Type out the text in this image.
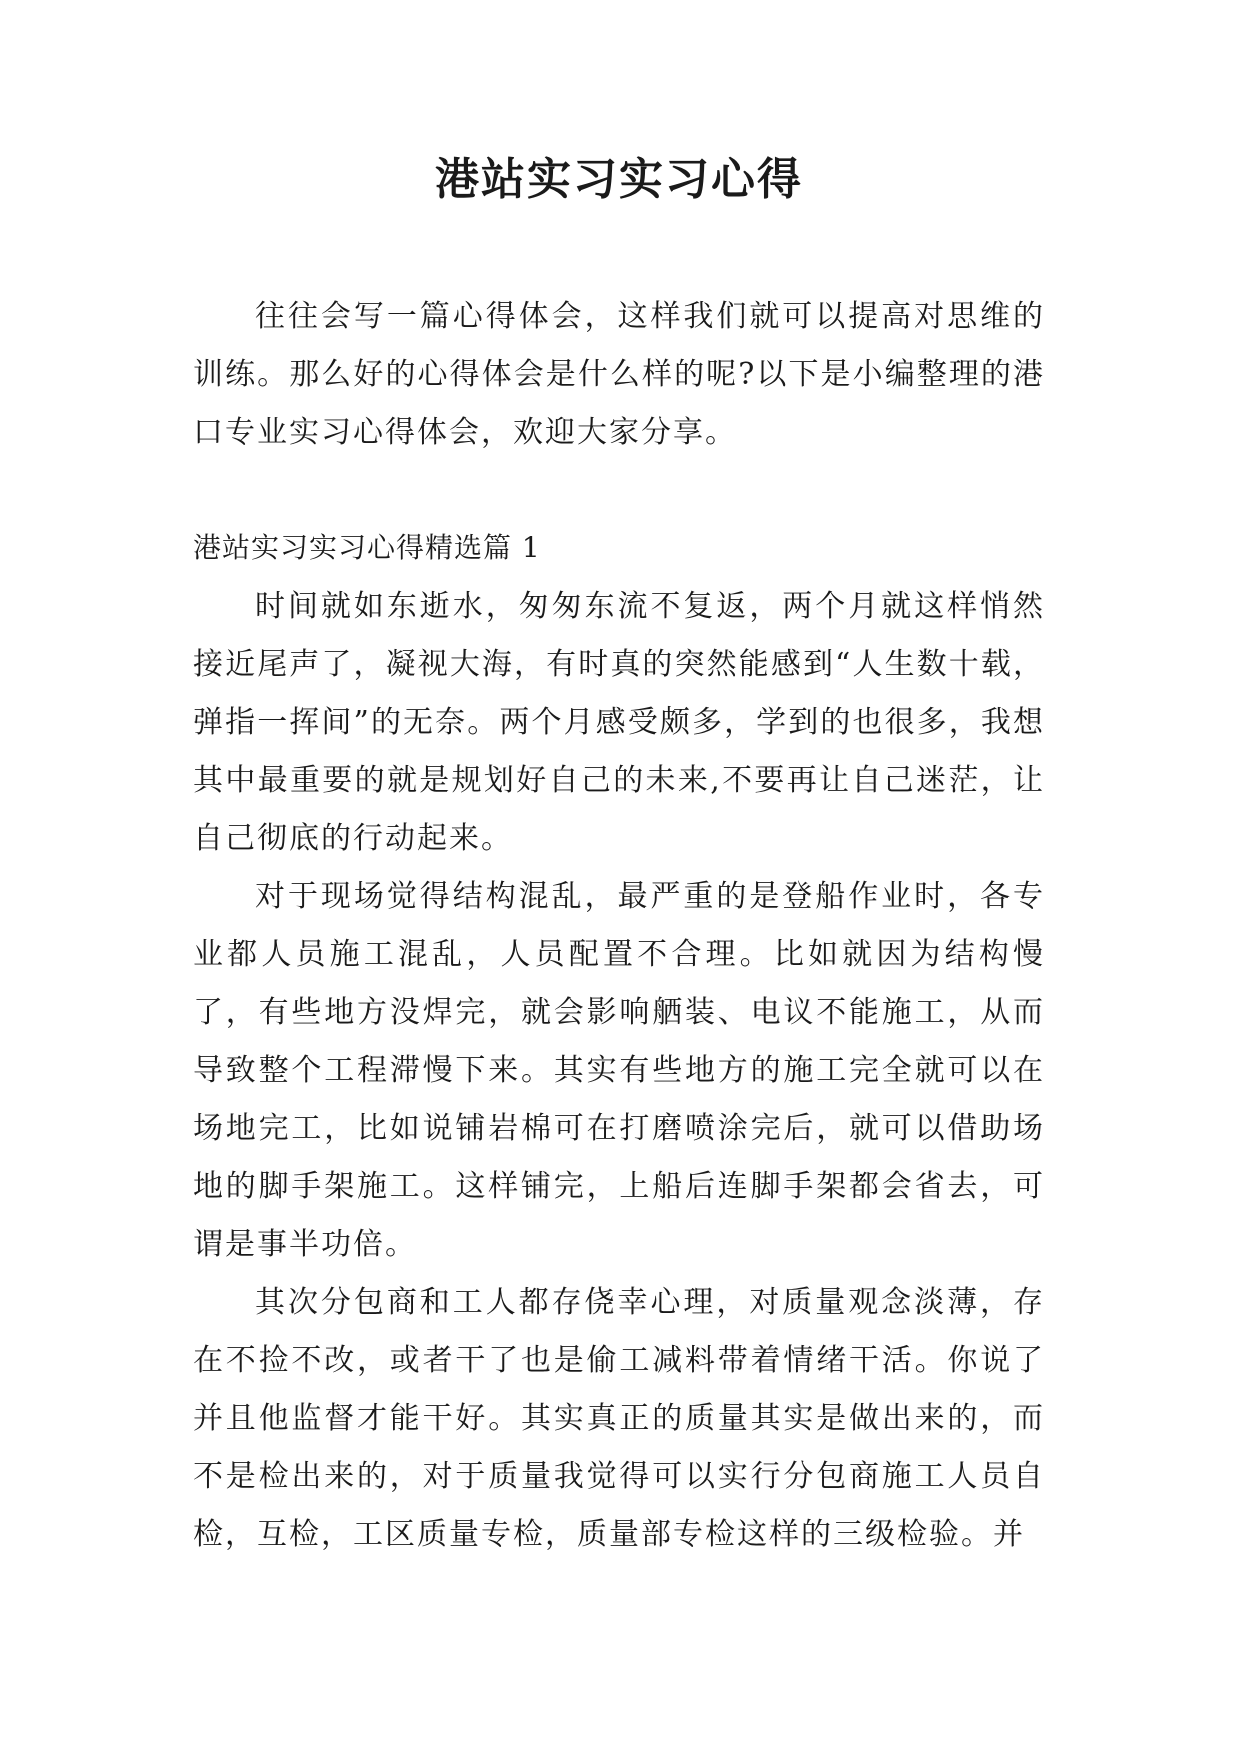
港站实习实习心得

往往会写一篇心得体会，这样我们就可以提高对思维的训练。那么好的心得体会是什么样的呢?以下是小编整理的港口专业实习心得体会，欢迎大家分享。

港站实习实习心得精选篇 1

时间就如东逝水，匆匆东流不复返，两个月就这样悄然接近尾声了，凝视大海，有时真的突然能感到“人生数十载，弹指一挥间”的无奈。两个月感受颇多，学到的也很多，我想其中最重要的就是规划好自己的未来,不要再让自己迷茫，让自己彻底的行动起来。

对于现场觉得结构混乱，最严重的是登船作业时，各专业都人员施工混乱，人员配置不合理。比如就因为结构慢了，有些地方没焊完，就会影响舾装、电议不能施工，从而导致整个工程滞慢下来。其实有些地方的施工完全就可以在场地完工，比如说铺岩棉可在打磨喷涂完后，就可以借助场地的脚手架施工。这样铺完，上船后连脚手架都会省去，可谓是事半功倍。

其次分包商和工人都存侥幸心理，对质量观念淡薄，存在不捡不改，或者干了也是偷工减料带着情绪干活。你说了并且他监督才能干好。其实真正的质量其实是做出来的，而不是检出来的，对于质量我觉得可以实行分包商施工人员自检，互检，工区质量专检，质量部专检这样的三级检验。并
